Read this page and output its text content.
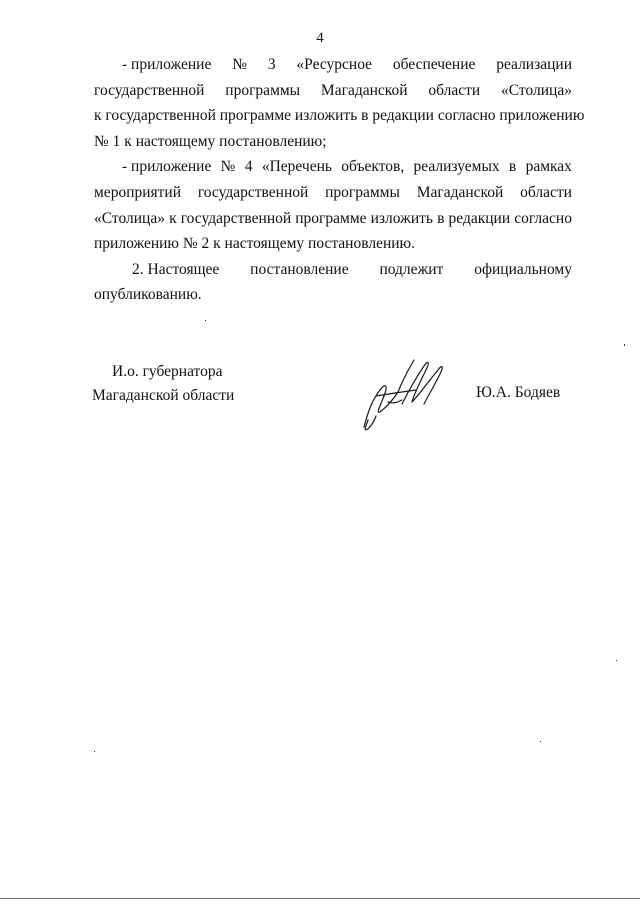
4
- приложение № 3 «Ресурсное обеспечение реализации
государственной программы Магаданской области «Столица»
к государственной программе изложить в редакции согласно приложению
№ 1 к настоящему постановлению;
- приложение № 4 «Перечень объектов, реализуемых в рамках
мероприятий государственной программы Магаданской области
«Столица» к государственной программе изложить в редакции согласно
приложению № 2 к настоящему постановлению.
2. Настоящее постановление подлежит официальному
опубликованию.
И.о. губернатора
Магаданской области	Ю.А. Бодяев
